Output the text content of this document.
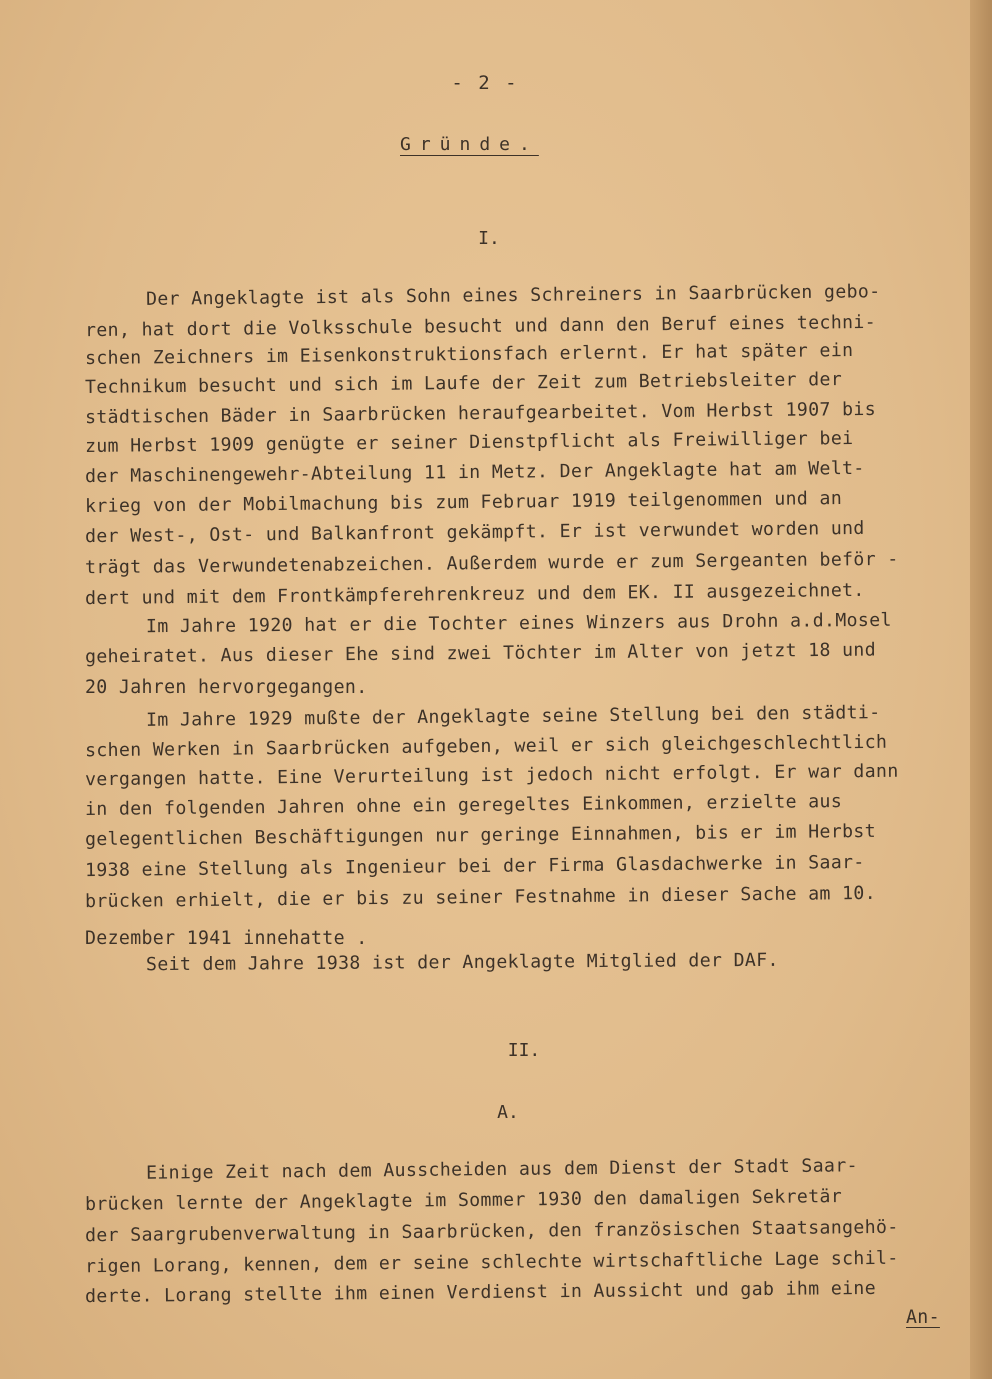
- 2 -
Gründe.
I.
Der Angeklagte ist als Sohn eines Schreiners in Saarbrücken gebo-
ren, hat dort die Volksschule besucht und dann den Beruf eines techni-
schen Zeichners im Eisenkonstruktionsfach erlernt. Er hat später ein
Technikum besucht und sich im Laufe der Zeit zum Betriebsleiter der
städtischen Bäder in Saarbrücken heraufgearbeitet. Vom Herbst 1907 bis
zum Herbst 1909 genügte er seiner Dienstpflicht als Freiwilliger bei
der Maschinengewehr-Abteilung 11 in Metz. Der Angeklagte hat am Welt-
krieg von der Mobilmachung bis zum Februar 1919 teilgenommen und an
der West-, Ost- und Balkanfront gekämpft. Er ist verwundet worden und
trägt das Verwundetenabzeichen. Außerdem wurde er zum Sergeanten beför -
dert und mit dem Frontkämpferehrenkreuz und dem EK. II ausgezeichnet.
Im Jahre 1920 hat er die Tochter eines Winzers aus Drohn a.d.Mosel
geheiratet. Aus dieser Ehe sind zwei Töchter im Alter von jetzt 18 und
20 Jahren hervorgegangen.
Im Jahre 1929 mußte der Angeklagte seine Stellung bei den städti-
schen Werken in Saarbrücken aufgeben, weil er sich gleichgeschlechtlich
vergangen hatte. Eine Verurteilung ist jedoch nicht erfolgt. Er war dann
in den folgenden Jahren ohne ein geregeltes Einkommen, erzielte aus
gelegentlichen Beschäftigungen nur geringe Einnahmen, bis er im Herbst
1938 eine Stellung als Ingenieur bei der Firma Glasdachwerke in Saar-
brücken erhielt, die er bis zu seiner Festnahme in dieser Sache am 10.
Dezember 1941 innehatte .
Seit dem Jahre 1938 ist der Angeklagte Mitglied der DAF.
II.
A.
Einige Zeit nach dem Ausscheiden aus dem Dienst der Stadt Saar-
brücken lernte der Angeklagte im Sommer 1930 den damaligen Sekretär
der Saargrubenverwaltung in Saarbrücken, den französischen Staatsangehö-
rigen Lorang, kennen, dem er seine schlechte wirtschaftliche Lage schil-
derte. Lorang stellte ihm einen Verdienst in Aussicht und gab ihm eine
An-
